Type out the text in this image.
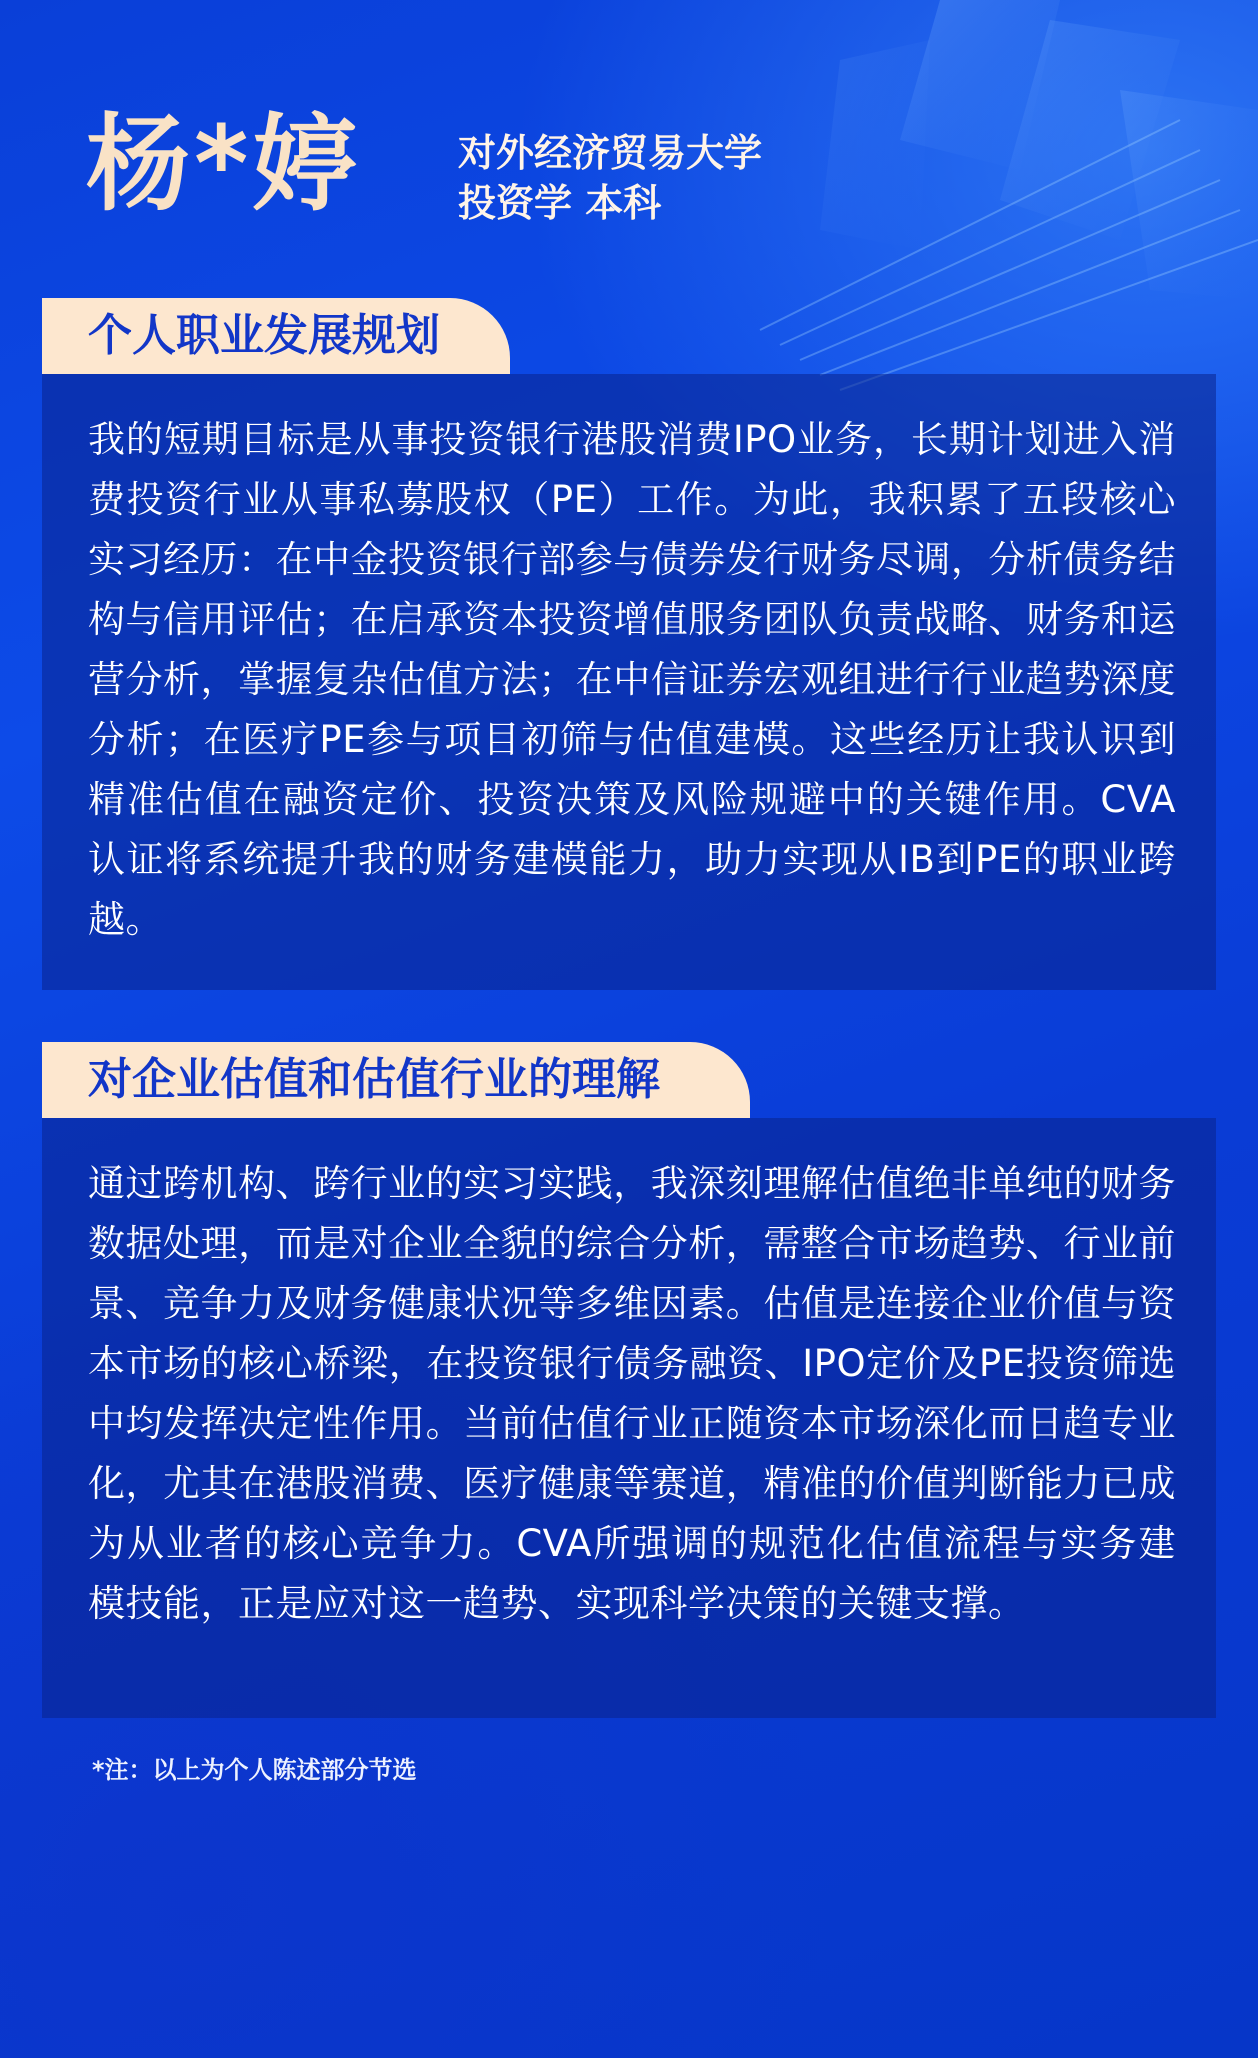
杨*婷	对外经济贸易大学
投资学 本科
个人职业发展规划

我的短期目标是从事投资银行港股消费IPO业务，长期计划进入消费投资行业从事私募股权（PE）工作。为此，我积累了五段核心实习经历：在中金投资银行部参与债券发行财务尽调，分析债务结构与信用评估；在启承资本投资增值服务团队负责战略、财务和运营分析，掌握复杂估值方法；在中信证券宏观组进行行业趋势深度分析；在医疗PE参与项目初筛与估值建模。这些经历让我认识到精准估值在融资定价、投资决策及风险规避中的关键作用。CVA认证将系统提升我的财务建模能力，助力实现从IB到PE的职业跨越。

对企业估值和估值行业的理解

通过跨机构、跨行业的实习实践，我深刻理解估值绝非单纯的财务数据处理，而是对企业全貌的综合分析，需整合市场趋势、行业前景、竞争力及财务健康状况等多维因素。估值是连接企业价值与资本市场的核心桥梁，在投资银行债务融资、IPO定价及PE投资筛选中均发挥决定性作用。当前估值行业正随资本市场深化而日趋专业化，尤其在港股消费、医疗健康等赛道，精准的价值判断能力已成为从业者的核心竞争力。CVA所强调的规范化估值流程与实务建模技能，正是应对这一趋势、实现科学决策的关键支撑。

*注：以上为个人陈述部分节选
